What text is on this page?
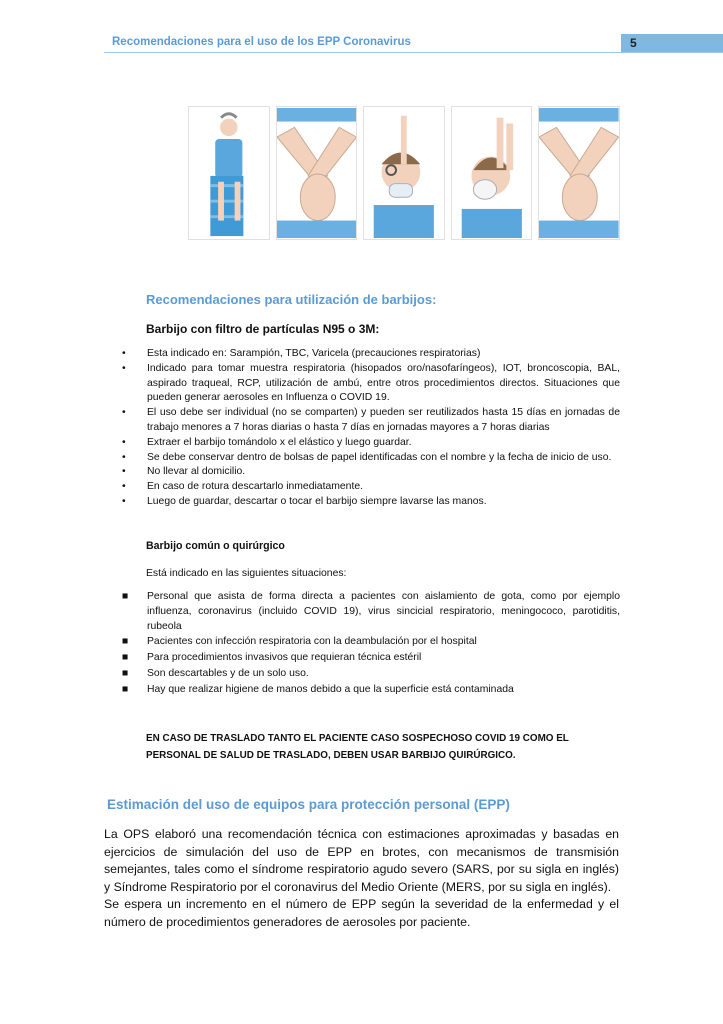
Recomendaciones para el uso de los EPP Coronavirus	5
Recomendaciones para utilización de barbijos:
Barbijo con filtro de partículas N95 o 3M:
•	Esta indicado en: Sarampión, TBC, Varicela (precauciones respiratorias)
•	Indicado para tomar muestra respiratoria (hisopados oro/nasofaríngeos), IOT, broncoscopia, BAL, aspirado traqueal, RCP, utilización de ambú, entre otros procedimientos directos. Situaciones que pueden generar aerosoles en Influenza o COVID 19.
•	El uso debe ser individual (no se comparten) y pueden ser reutilizados hasta 15 días en jornadas de trabajo menores a 7 horas diarias o hasta 7 días en jornadas mayores a 7 horas diarias
•	Extraer el barbijo tomándolo x el elástico y luego guardar.
•	Se debe conservar dentro de bolsas de papel identificadas con el nombre y la fecha de inicio de uso.
•	No llevar al domicilio.
•	En caso de rotura descartarlo inmediatamente.
•	Luego de guardar, descartar o tocar el barbijo siempre lavarse las manos.
Barbijo común o quirúrgico
Está indicado en las siguientes situaciones:
■	Personal que asista de forma directa a pacientes con aislamiento de gota, como por ejemplo influenza, coronavirus (incluido COVID 19), virus sincicial respiratorio, meningococo, parotiditis, rubeola
■	Pacientes con infección respiratoria con la deambulación por el hospital
■	Para procedimientos invasivos que requieran técnica estéril
■	Son descartables y de un solo uso.
■	Hay que realizar higiene de manos debido a que la superficie está contaminada
EN CASO DE TRASLADO TANTO EL PACIENTE CASO SOSPECHOSO COVID 19 COMO EL PERSONAL DE SALUD DE TRASLADO, DEBEN USAR BARBIJO QUIRÚRGICO.
Estimación del uso de equipos para protección personal (EPP)
La OPS elaboró una recomendación técnica con estimaciones aproximadas y basadas en ejercicios de simulación del uso de EPP en brotes, con mecanismos de transmisión semejantes, tales como el síndrome respiratorio agudo severo (SARS, por su sigla en inglés) y Síndrome Respiratorio por el coronavirus del Medio Oriente (MERS, por su sigla en inglés).
Se espera un incremento en el número de EPP según la severidad de la enfermedad y el número de procedimientos generadores de aerosoles por paciente.
